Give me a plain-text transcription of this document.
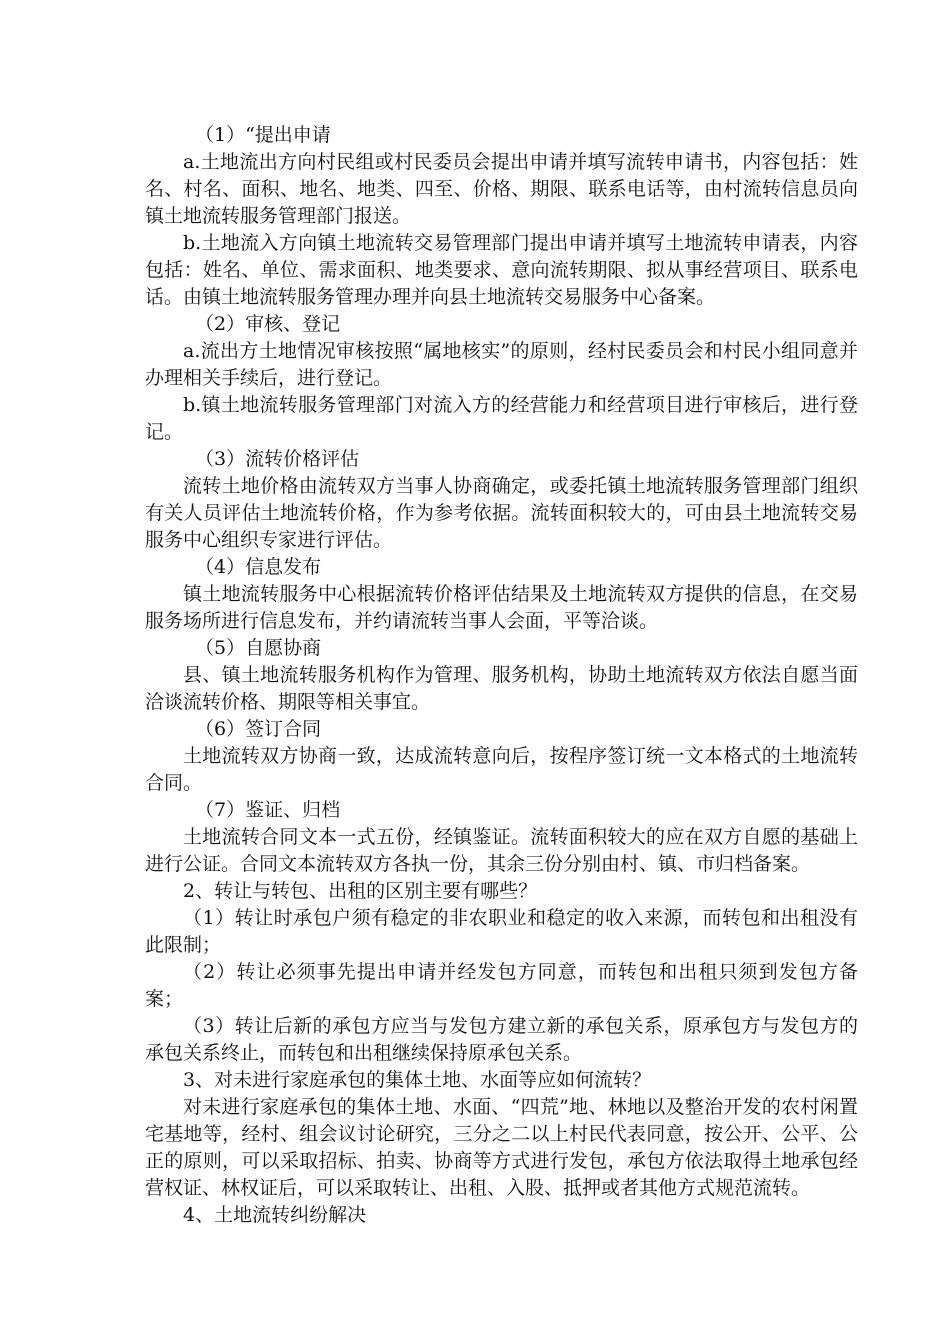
（1）“提出申请

a.土地流出方向村民组或村民委员会提出申请并填写流转申请书，内容包括：姓名、村名、面积、地名、地类、四至、价格、期限、联系电话等，由村流转信息员向镇土地流转服务管理部门报送。

b.土地流入方向镇土地流转交易管理部门提出申请并填写土地流转申请表，内容包括：姓名、单位、需求面积、地类要求、意向流转期限、拟从事经营项目、联系电话。由镇土地流转服务管理办理并向县土地流转交易服务中心备案。

（2）审核、登记

a.流出方土地情况审核按照“属地核实”的原则，经村民委员会和村民小组同意并办理相关手续后，进行登记。

b.镇土地流转服务管理部门对流入方的经营能力和经营项目进行审核后，进行登记。

（3）流转价格评估

流转土地价格由流转双方当事人协商确定，或委托镇土地流转服务管理部门组织有关人员评估土地流转价格，作为参考依据。流转面积较大的，可由县土地流转交易服务中心组织专家进行评估。

（4）信息发布

镇土地流转服务中心根据流转价格评估结果及土地流转双方提供的信息，在交易服务场所进行信息发布，并约请流转当事人会面，平等洽谈。

（5）自愿协商

县、镇土地流转服务机构作为管理、服务机构，协助土地流转双方依法自愿当面洽谈流转价格、期限等相关事宜。

（6）签订合同

土地流转双方协商一致，达成流转意向后，按程序签订统一文本格式的土地流转合同。

（7）鉴证、归档

土地流转合同文本一式五份，经镇鉴证。流转面积较大的应在双方自愿的基础上进行公证。合同文本流转双方各执一份，其余三份分别由村、镇、市归档备案。

2、转让与转包、出租的区别主要有哪些？

（1）转让时承包户须有稳定的非农职业和稳定的收入来源，而转包和出租没有此限制；

（2）转让必须事先提出申请并经发包方同意，而转包和出租只须到发包方备案；

（3）转让后新的承包方应当与发包方建立新的承包关系，原承包方与发包方的承包关系终止，而转包和出租继续保持原承包关系。

3、对未进行家庭承包的集体土地、水面等应如何流转？

对未进行家庭承包的集体土地、水面、“四荒”地、林地以及整治开发的农村闲置宅基地等，经村、组会议讨论研究，三分之二以上村民代表同意，按公开、公平、公正的原则，可以采取招标、拍卖、协商等方式进行发包，承包方依法取得土地承包经营权证、林权证后，可以采取转让、出租、入股、抵押或者其他方式规范流转。

4、土地流转纠纷解决
